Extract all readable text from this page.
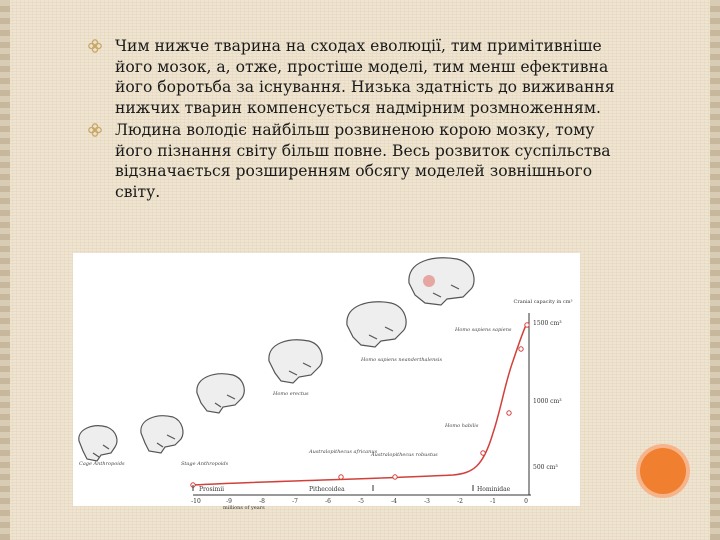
Чим нижче тварина на сходах еволюції, тим примітивніше його мозок, а, отже, простіше моделі, тим менш ефективна його боротьба за існування. Низька здатність до виживання нижчих тварин компенсується надмірним розмноженням.
Людина володіє найбільш розвиненою корою мозку, тому його пізнання світу більш повне. Весь розвиток суспільства відзначається розширенням обсягу моделей зовнішнього світу.
Cage Anthropoids	Stage Anthropoids
Australopithecus africanus
Australopithecus robustus
Homo erectus
Homo habilis
Homo sapiens neanderthalensis
Homo sapiens sapiens
Cranial capacity in cm³
500 cm³
1000 cm³
1500 cm³
Prosimii	Pithecoidea	Hominidae
-10	-9	-8	-7	-6	-5	-4	-3	-2	-1	0
millions of years
